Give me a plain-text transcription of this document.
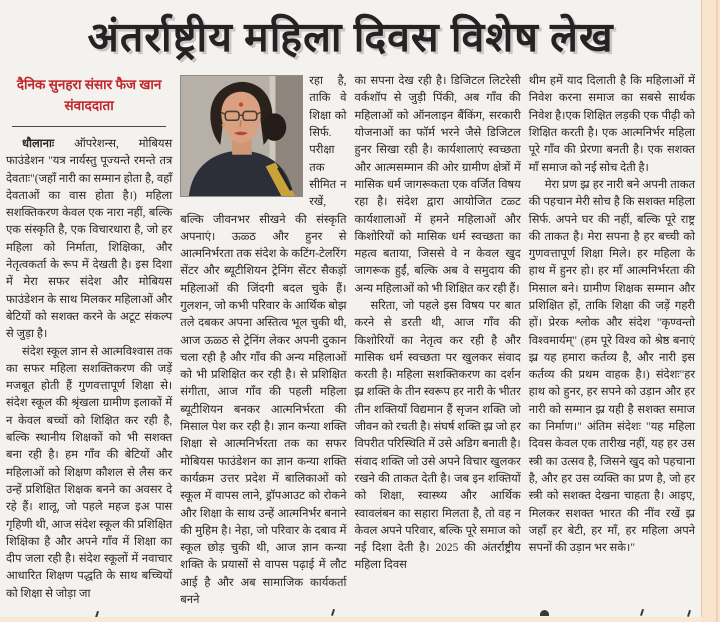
अंतर्राष्ट्रीय महिला दिवस विशेष लेख
दैनिक सुनहरा संसार फैज खान संवाददाता

धौलानाः ऑपरेशन्स, मोबियस फाउंडेशन "यत्र नार्यस्तु पूज्यन्ते रमन्ते तत्र देवताः"(जहाँ नारी का सम्मान होता है, वहाँ देवताओं का वास होता है।) महिला सशक्तिकरण केवल एक नारा नहीं, बल्कि एक संस्कृति है, एक विचारधारा है, जो हर महिला को निर्माता, शिक्षिका, और नेतृत्वकर्ता के रूप में देखती है। इस दिशा में मेरा सफर संदेश और मोबियस फाउंडेशन के साथ मिलकर महिलाओं और बेटियों को सशक्त करने के अटूट संकल्प से जुड़ा है।

संदेश स्कूल ज्ञान से आत्मविश्वास तक का सफर महिला सशक्तिकरण की जड़ें मजबूत होती हैं गुणवत्तापूर्ण शिक्षा से। संदेश स्कूल की श्रृंखला ग्रामीण इलाकों में न केवल बच्चों को शिक्षित कर रही है, बल्कि स्थानीय शिक्षकों को भी सशक्त बना रही है। हम गाँव की बेटियों और महिलाओं को शिक्षण कौशल से लैस कर उन्हें प्रशिक्षित शिक्षक बनने का अवसर दे रहे हैं। शालू, जो पहले महज इअ पास गृहिणी थी, आज संदेश स्कूल की प्रशिक्षित शिक्षिका है और अपने गाँव में शिक्षा का दीप जला रही है। संदेश स्कूलों में नवाचार आधारित शिक्षण पद्धति के साथ बच्चियों को शिक्षा से जोड़ा जा

रहा है, ताकि वे शिक्षा को सिर्फ. परीक्षा तक सीमित न रखें, बल्कि जीवनभर सीखने की संस्कृति अपनाएं। ऊळ्ठ और हुनर से आत्मनिर्भरता तक संदेश के कटिंग-टेलरिंग सेंटर और ब्यूटीशियन ट्रेनिंग सेंटर सैकड़ों महिलाओं की जिंदगी बदल चुके हैं। गुलशन, जो कभी परिवार के आर्थिक बोझ तले दबकर अपना अस्तित्व भूल चुकी थी, आज ऊळ्ठ से ट्रेनिंग लेकर अपनी दुकान चला रही है और गाँव की अन्य महिलाओं को भी प्रशिक्षित कर रही है। से प्रशिक्षित संगीता, आज गाँव की पहली महिला ब्यूटीशियन बनकर आत्मनिर्भरता की मिसाल पेश कर रही है। ज्ञान कन्या शक्ति शिक्षा से आत्मनिर्भरता तक का सफर मोबियस फाउंडेशन का ज्ञान कन्या शक्ति कार्यक्रम उत्तर प्रदेश में बालिकाओं को स्कूल में वापस लाने, ड्रॉपआउट को रोकने और शिक्षा के साथ उन्हें आत्मनिर्भर बनाने की मुहिम है। नेहा, जो परिवार के दबाव में स्कूल छोड़ चुकी थी, आज ज्ञान कन्या शक्ति के प्रयासों से वापस पढ़ाई में लौट आई है और अब सामाजिक कार्यकर्ता बनने

का सपना देख रही है। डिजिटल लिटरेसी वर्कशॉप से जुड़ी पिंकी, अब गाँव की महिलाओं को ऑनलाइन बैंकिंग, सरकारी योजनाओं का फॉर्म भरने जैसे डिजिटल हुनर सिखा रही है। कार्यशालाएं स्वच्छता और आत्मसम्मान की ओर ग्रामीण क्षेत्रों में मासिक धर्म जागरूकता एक वर्जित विषय रहा है। संदेश द्वारा आयोजित टळ्ट कार्यशालाओं में हमने महिलाओं और किशोरियों को मासिक धर्म स्वच्छता का महत्व बताया, जिससे वे न केवल खुद जागरूक हुईं, बल्कि अब वे समुदाय की अन्य महिलाओं को भी शिक्षित कर रही हैं।

सरिता, जो पहले इस विषय पर बात करने से डरती थी, आज गाँव की किशोरियों का नेतृत्व कर रही है और मासिक धर्म स्वच्छता पर खुलकर संवाद करती है। महिला सशक्तिकरण का दर्शन झ्र शक्ति के तीन स्वरूप हर नारी के भीतर तीन शक्तियाँ विद्यमान हैं सृजन शक्ति जो जीवन को रचती है। संघर्ष शक्ति झ्र जो हर विपरीत परिस्थिति में उसे अडिग बनाती है। संवाद शक्ति जो उसे अपने विचार खुलकर रखने की ताकत देती है। जब इन शक्तियों को शिक्षा, स्वास्थ्य और आर्थिक स्वावलंबन का सहारा मिलता है, तो वह न केवल अपने परिवार, बल्कि पूरे समाज को नई दिशा देती है। 2025 की अंतर्राष्ट्रीय महिला दिवस

थीम हमें याद दिलाती है कि महिलाओं में निवेश करना समाज का सबसे सार्थक निवेश है।एक शिक्षित लड़की एक पीढ़ी को शिक्षित करती है। एक आत्मनिर्भर महिला पूरे गाँव की प्रेरणा बनती है। एक सशक्त माँ समाज को नई सोच देती है।

मेरा प्रण झ्र हर नारी बने अपनी ताकत की पहचान मेरी सोच है कि सशक्त महिला सिर्फ. अपने घर की नहीं, बल्कि पूरे राष्ट्र की ताकत है। मेरा सपना है हर बच्ची को गुणवत्तापूर्ण शिक्षा मिले। हर महिला के हाथ में हुनर हो। हर माँ आत्मनिर्भरता की मिसाल बने। ग्रामीण शिक्षक सम्मान और प्रशिक्षित हों, ताकि शिक्षा की जड़ें गहरी हों। प्रेरक श्लोक और संदेश "कृण्वन्तो विश्वमार्यम्" (हम पूरे विश्व को श्रेष्ठ बनाएं झ्र यह हमारा कर्तव्य है, और नारी इस कर्तव्य की प्रथम वाहक है।) संदेशः"हर हाथ को हुनर, हर सपने को उड़ान और हर नारी को सम्मान झ्र यही है सशक्त समाज का निर्माण।" अंतिम संदेशः "यह महिला दिवस केवल एक तारीख नहीं, यह हर उस स्त्री का उत्सव है, जिसने खुद को पहचाना है, और हर उस व्यक्ति का प्रण है, जो हर स्त्री को सशक्त देखना चाहता है। आइए, मिलकर सशक्त भारत की नींव रखें झ्र जहाँ हर बेटी, हर माँ, हर महिला अपने सपनों की उड़ान भर सके।"
